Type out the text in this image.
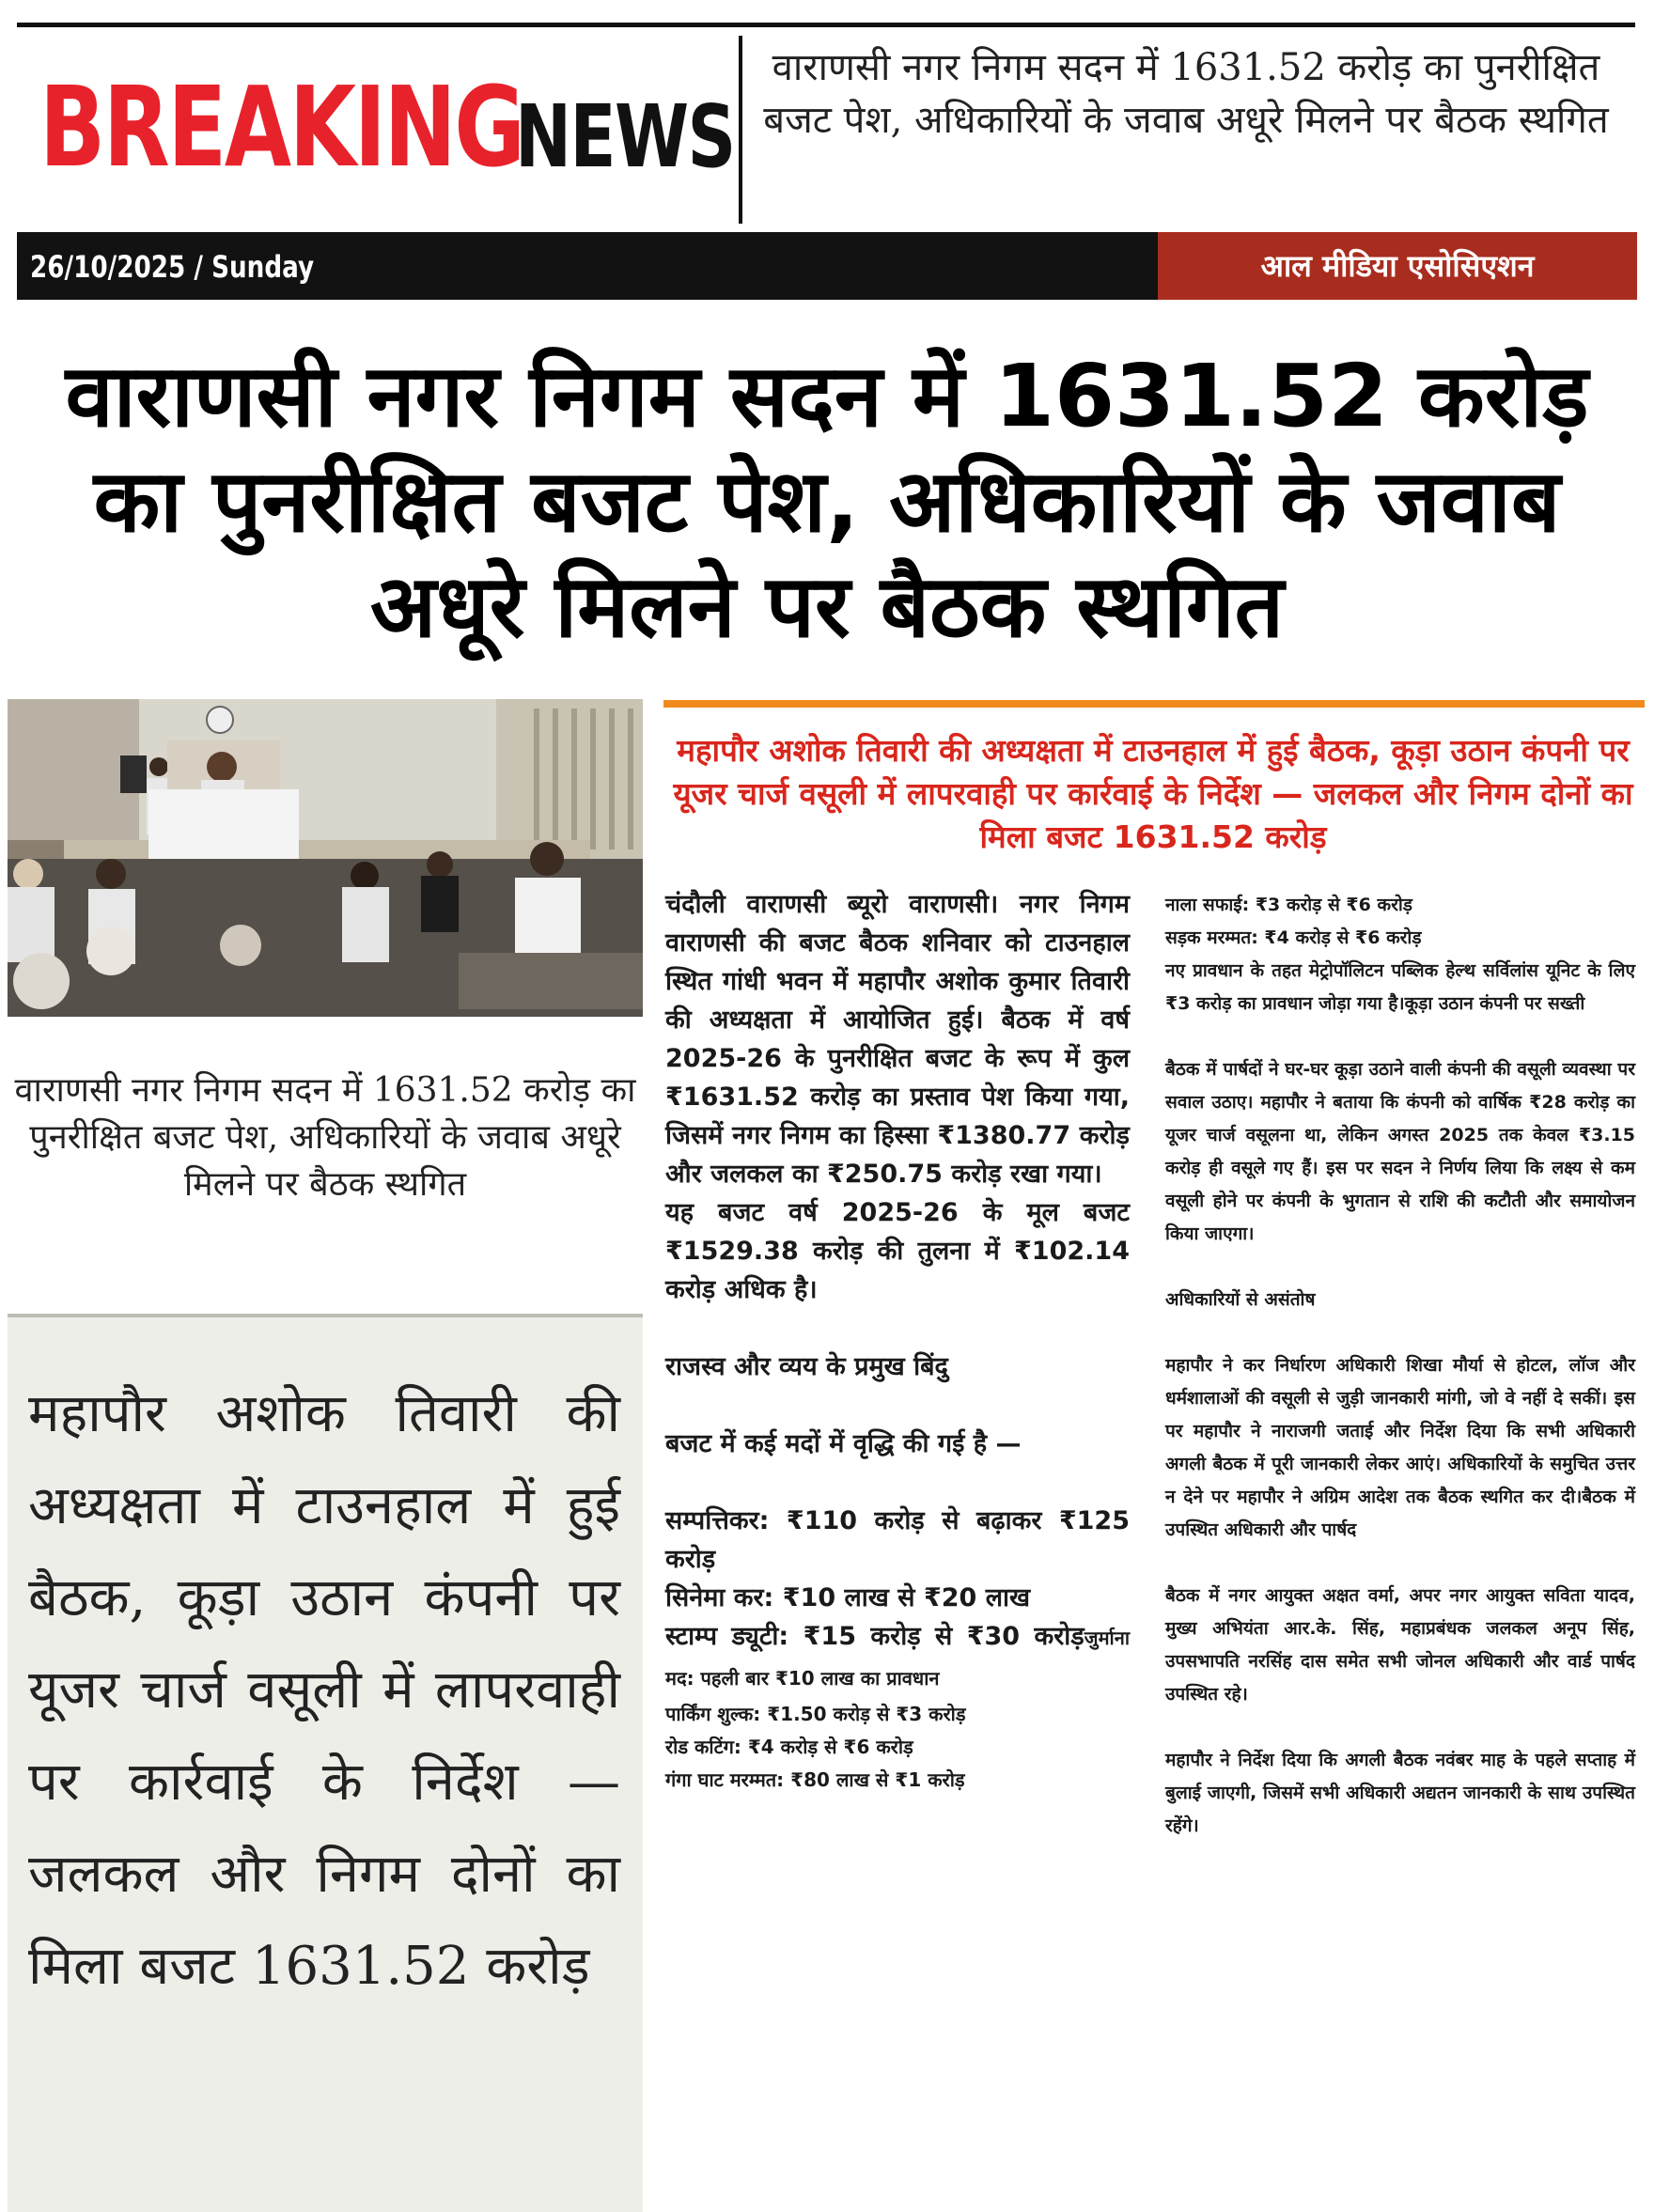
BREAKING
NEWS
वाराणसी नगर निगम सदन में 1631.52 करोड़ का पुनरीक्षित बजट पेश, अधिकारियों के जवाब अधूरे मिलने पर बैठक स्थगित
26/10/2025 / Sunday	आल मीडिया एसोसिएशन
वाराणसी नगर निगम सदन में 1631.52 करोड़ का पुनरीक्षित बजट पेश, अधिकारियों के जवाब अधूरे मिलने पर बैठक स्थगित
वाराणसी नगर निगम सदन में 1631.52 करोड़ का पुनरीक्षित बजट पेश, अधिकारियों के जवाब अधूरे मिलने पर बैठक स्थगित
महापौर अशोक तिवारी की अध्यक्षता में टाउनहाल में हुई बैठक, कूड़ा उठान कंपनी पर यूजर चार्ज वसूली में लापरवाही पर कार्रवाई के निर्देश — जलकल और निगम दोनों का मिला बजट 1631.52 करोड़
महापौर अशोक तिवारी की अध्यक्षता में टाउनहाल में हुई बैठक, कूड़ा उठान कंपनी पर यूजर चार्ज वसूली में लापरवाही पर कार्रवाई के निर्देश — जलकल और निगम दोनों का मिला बजट 1631.52 करोड़

चंदौली वाराणसी ब्यूरो वाराणसी। नगर निगम वाराणसी की बजट बैठक शनिवार को टाउनहाल स्थित गांधी भवन में महापौर अशोक कुमार तिवारी की अध्यक्षता में आयोजित हुई। बैठक में वर्ष 2025-26 के पुनरीक्षित बजट के रूप में कुल ₹1631.52 करोड़ का प्रस्ताव पेश किया गया, जिसमें नगर निगम का हिस्सा ₹1380.77 करोड़ और जलकल का ₹250.75 करोड़ रखा गया।

यह बजट वर्ष 2025-26 के मूल बजट ₹1529.38 करोड़ की तुलना में ₹102.14 करोड़ अधिक है।

राजस्व और व्यय के प्रमुख बिंदु

बजट में कई मदों में वृद्धि की गई है —

सम्पत्तिकर: ₹110 करोड़ से बढ़ाकर ₹125 करोड़

सिनेमा कर: ₹10 लाख से ₹20 लाख

स्टाम्प ड्यूटी: ₹15 करोड़ से ₹30 करोड़जुर्माना मद: पहली बार ₹10 लाख का प्रावधान

पार्किंग शुल्क: ₹1.50 करोड़ से ₹3 करोड़

रोड कटिंग: ₹4 करोड़ से ₹6 करोड़

गंगा घाट मरम्मत: ₹80 लाख से ₹1 करोड़

नाला सफाई: ₹3 करोड़ से ₹6 करोड़

सड़क मरम्मत: ₹4 करोड़ से ₹6 करोड़

नए प्रावधान के तहत मेट्रोपॉलिटन पब्लिक हेल्थ सर्विलांस यूनिट के लिए ₹3 करोड़ का प्रावधान जोड़ा गया है।कूड़ा उठान कंपनी पर सख्ती

बैठक में पार्षदों ने घर-घर कूड़ा उठाने वाली कंपनी की वसूली व्यवस्था पर सवाल उठाए। महापौर ने बताया कि कंपनी को वार्षिक ₹28 करोड़ का यूजर चार्ज वसूलना था, लेकिन अगस्त 2025 तक केवल ₹3.15 करोड़ ही वसूले गए हैं। इस पर सदन ने निर्णय लिया कि लक्ष्य से कम वसूली होने पर कंपनी के भुगतान से राशि की कटौती और समायोजन किया जाएगा।

अधिकारियों से असंतोष

महापौर ने कर निर्धारण अधिकारी शिखा मौर्या से होटल, लॉज और धर्मशालाओं की वसूली से जुड़ी जानकारी मांगी, जो वे नहीं दे सकीं। इस पर महापौर ने नाराजगी जताई और निर्देश दिया कि सभी अधिकारी अगली बैठक में पूरी जानकारी लेकर आएं। अधिकारियों के समुचित उत्तर न देने पर महापौर ने अग्रिम आदेश तक बैठक स्थगित कर दी।बैठक में उपस्थित अधिकारी और पार्षद

बैठक में नगर आयुक्त अक्षत वर्मा, अपर नगर आयुक्त सविता यादव, मुख्य अभियंता आर.के. सिंह, महाप्रबंधक जलकल अनूप सिंह, उपसभापति नरसिंह दास समेत सभी जोनल अधिकारी और वार्ड पार्षद उपस्थित रहे।

महापौर ने निर्देश दिया कि अगली बैठक नवंबर माह के पहले सप्ताह में बुलाई जाएगी, जिसमें सभी अधिकारी अद्यतन जानकारी के साथ उपस्थित रहेंगे।
